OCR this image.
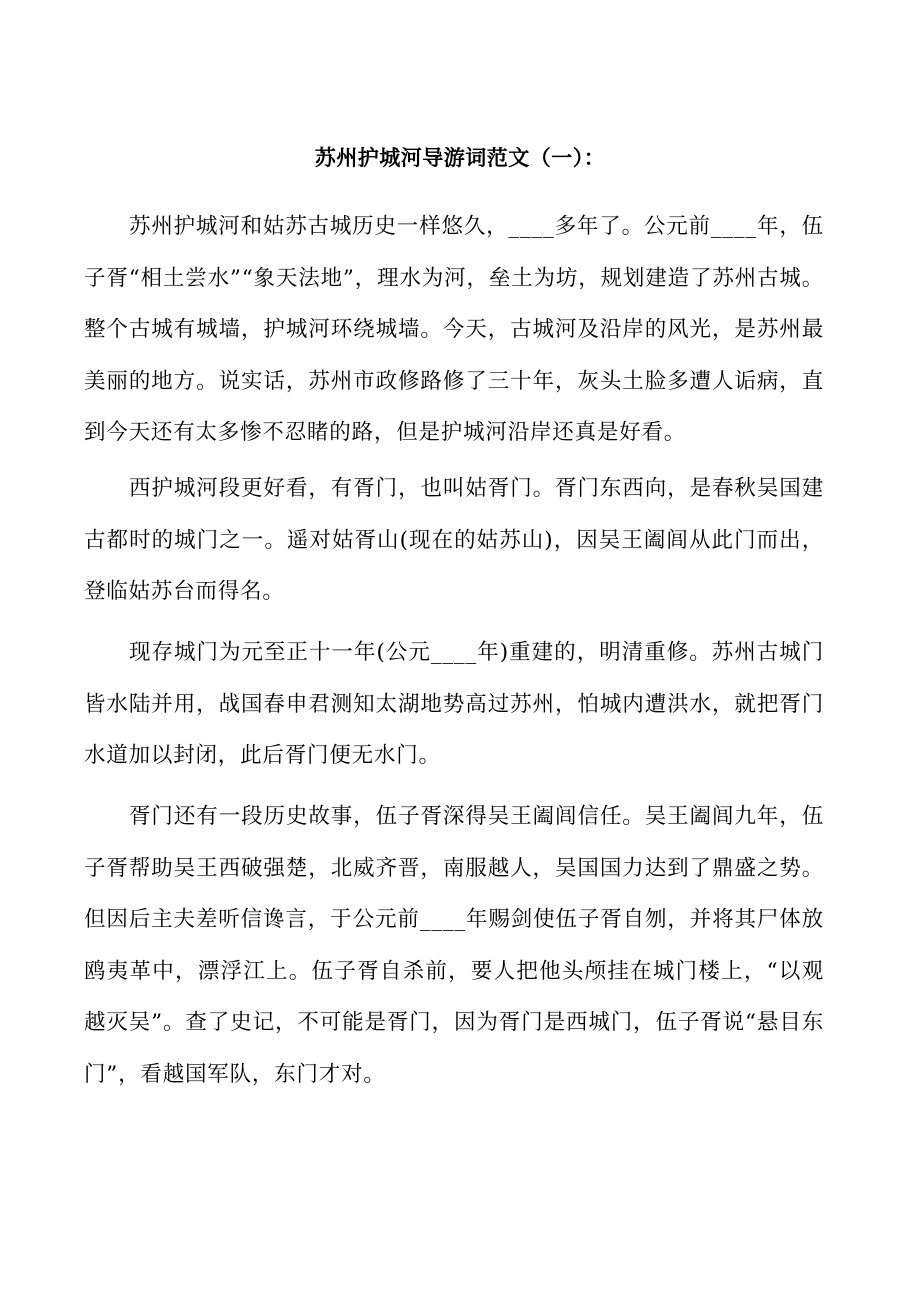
苏州护城河导游词范文（一）：

苏州护城河和姑苏古城历史一样悠久，____多年了。公元前____年，伍子胥“相土尝水”“象天法地”，理水为河，垒土为坊，规划建造了苏州古城。整个古城有城墙，护城河环绕城墙。今天，古城河及沿岸的风光，是苏州最美丽的地方。说实话，苏州市政修路修了三十年，灰头土脸多遭人诟病，直到今天还有太多惨不忍睹的路，但是护城河沿岸还真是好看。

西护城河段更好看，有胥门，也叫姑胥门。胥门东西向，是春秋吴国建古都时的城门之一。遥对姑胥山(现在的姑苏山)，因吴王阖闾从此门而出，登临姑苏台而得名。

现存城门为元至正十一年(公元____年)重建的，明清重修。苏州古城门皆水陆并用，战国春申君测知太湖地势高过苏州，怕城内遭洪水，就把胥门水道加以封闭，此后胥门便无水门。

胥门还有一段历史故事，伍子胥深得吴王阖闾信任。吴王阖闾九年，伍子胥帮助吴王西破强楚，北威齐晋，南服越人，吴国国力达到了鼎盛之势。但因后主夫差听信谗言，于公元前____年赐剑使伍子胥自刎，并将其尸体放鸥夷革中，漂浮江上。伍子胥自杀前，要人把他头颅挂在城门楼上，“以观越灭吴”。查了史记，不可能是胥门，因为胥门是西城门，伍子胥说“悬目东门”，看越国军队，东门才对。
